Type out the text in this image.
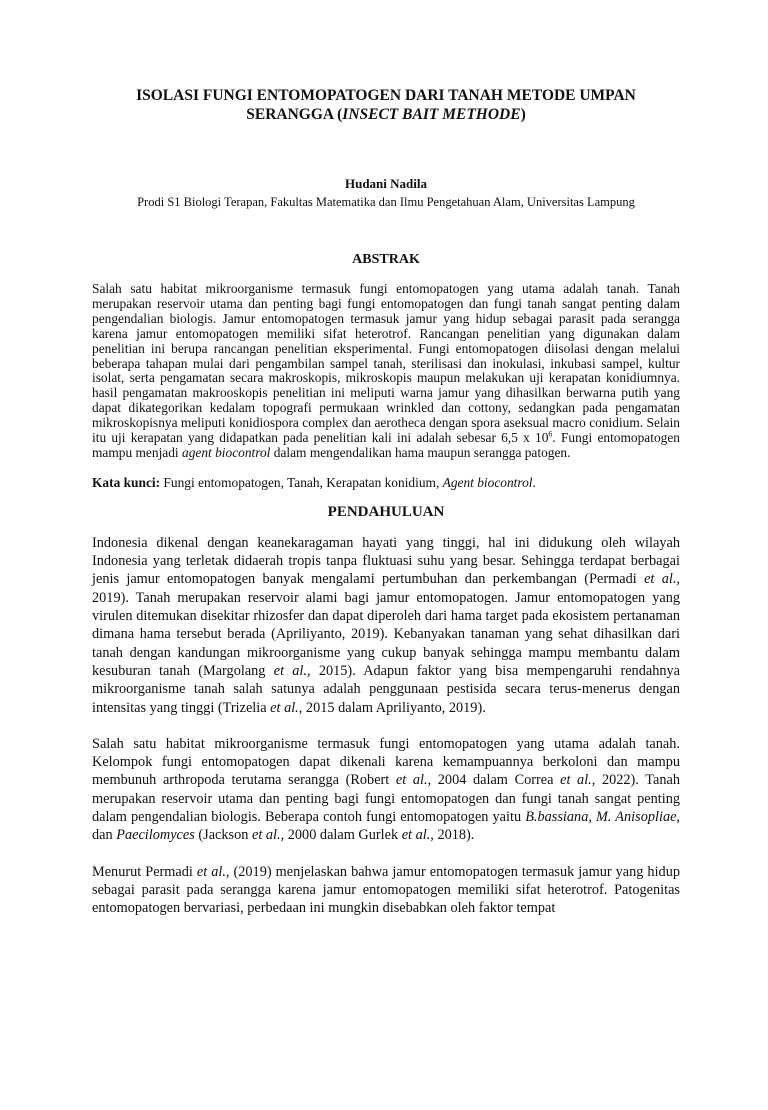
ISOLASI FUNGI ENTOMOPATOGEN DARI TANAH METODE UMPAN
SERANGGA (INSECT BAIT METHODE)
Hudani Nadila
Prodi S1 Biologi Terapan, Fakultas Matematika dan Ilmu Pengetahuan Alam, Universitas Lampung
ABSTRAK

Salah satu habitat mikroorganisme termasuk fungi entomopatogen yang utama adalah tanah. Tanah merupakan reservoir utama dan penting bagi fungi entomopatogen dan fungi tanah sangat penting dalam pengendalian biologis. Jamur entomopatogen termasuk jamur yang hidup sebagai parasit pada serangga karena jamur entomopatogen memiliki sifat heterotrof. Rancangan penelitian yang digunakan dalam penelitian ini berupa rancangan penelitian eksperimental. Fungi entomopatogen diisolasi dengan melalui beberapa tahapan mulai dari pengambilan sampel tanah, sterilisasi dan inokulasi, inkubasi sampel, kultur isolat, serta pengamatan secara makroskopis, mikroskopis maupun melakukan uji kerapatan konidiumnya. hasil pengamatan makrooskopis penelitian ini meliputi warna jamur yang dihasilkan berwarna putih yang dapat dikategorikan kedalam topografi permukaan wrinkled dan cottony, sedangkan pada pengamatan mikroskopisnya meliputi konidiospora complex dan aerotheca dengan spora aseksual macro conidium. Selain itu uji kerapatan yang didapatkan pada penelitian kali ini adalah sebesar 6,5 x $10^6$. Fungi entomopatogen mampu menjadi agent biocontrol dalam mengendalikan hama maupun serangga patogen.

Kata kunci: Fungi entomopatogen, Tanah, Kerapatan konidium, Agent biocontrol.

PENDAHULUAN

Indonesia dikenal dengan keanekaragaman hayati yang tinggi, hal ini didukung oleh wilayah Indonesia yang terletak didaerah tropis tanpa fluktuasi suhu yang besar. Sehingga terdapat berbagai jenis jamur entomopatogen banyak mengalami pertumbuhan dan perkembangan (Permadi et al., 2019). Tanah merupakan reservoir alami bagi jamur entomopatogen. Jamur entomopatogen yang virulen ditemukan disekitar rhizosfer dan dapat diperoleh dari hama target pada ekosistem pertanaman dimana hama tersebut berada (Apriliyanto, 2019). Kebanyakan tanaman yang sehat dihasilkan dari tanah dengan kandungan mikroorganisme yang cukup banyak sehingga mampu membantu dalam kesuburan tanah (Margolang et al., 2015). Adapun faktor yang bisa mempengaruhi rendahnya mikroorganisme tanah salah satunya adalah penggunaan pestisida secara terus-menerus dengan intensitas yang tinggi (Trizelia et al., 2015 dalam Apriliyanto, 2019).

Salah satu habitat mikroorganisme termasuk fungi entomopatogen yang utama adalah tanah. Kelompok fungi entomopatogen dapat dikenali karena kemampuannya berkoloni dan mampu membunuh arthropoda terutama serangga (Robert et al., 2004 dalam Correa et al., 2022). Tanah merupakan reservoir utama dan penting bagi fungi entomopatogen dan fungi tanah sangat penting dalam pengendalian biologis. Beberapa contoh fungi entomopatogen yaitu B.bassiana, M. Anisopliae, dan Paecilomyces (Jackson et al., 2000 dalam Gurlek et al., 2018).

Menurut Permadi et al., (2019) menjelaskan bahwa jamur entomopatogen termasuk jamur yang hidup sebagai parasit pada serangga karena jamur entomopatogen memiliki sifat heterotrof. Patogenitas entomopatogen bervariasi, perbedaan ini mungkin disebabkan oleh faktor tempat
